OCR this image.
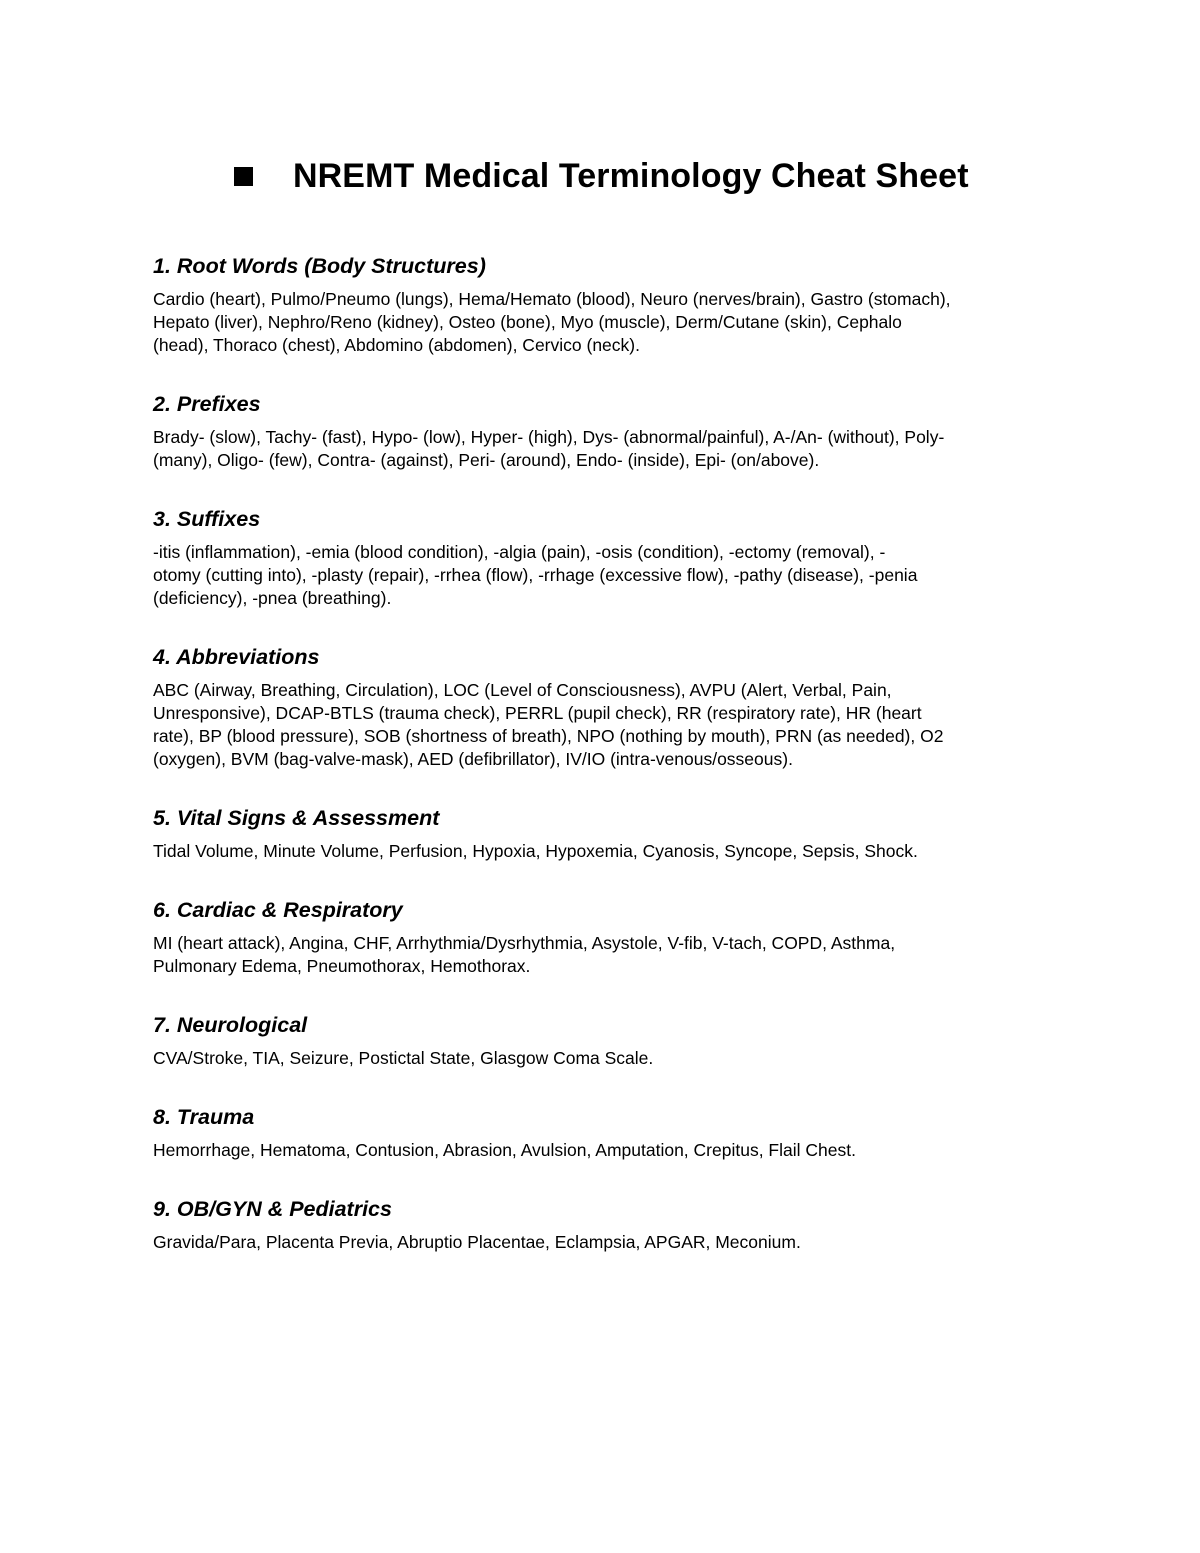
NREMT Medical Terminology Cheat Sheet
1. Root Words (Body Structures)

Cardio (heart), Pulmo/Pneumo (lungs), Hema/Hemato (blood), Neuro (nerves/brain), Gastro (stomach),
Hepato (liver), Nephro/Reno (kidney), Osteo (bone), Myo (muscle), Derm/Cutane (skin), Cephalo
(head), Thoraco (chest), Abdomino (abdomen), Cervico (neck).

2. Prefixes

Brady- (slow), Tachy- (fast), Hypo- (low), Hyper- (high), Dys- (abnormal/painful), A-/An- (without), Poly-
(many), Oligo- (few), Contra- (against), Peri- (around), Endo- (inside), Epi- (on/above).

3. Suffixes

-itis (inflammation), -emia (blood condition), -algia (pain), -osis (condition), -ectomy (removal), -
otomy (cutting into), -plasty (repair), -rrhea (flow), -rrhage (excessive flow), -pathy (disease), -penia
(deficiency), -pnea (breathing).

4. Abbreviations

ABC (Airway, Breathing, Circulation), LOC (Level of Consciousness), AVPU (Alert, Verbal, Pain,
Unresponsive), DCAP-BTLS (trauma check), PERRL (pupil check), RR (respiratory rate), HR (heart
rate), BP (blood pressure), SOB (shortness of breath), NPO (nothing by mouth), PRN (as needed), O2
(oxygen), BVM (bag-valve-mask), AED (defibrillator), IV/IO (intra-venous/osseous).

5. Vital Signs & Assessment

Tidal Volume, Minute Volume, Perfusion, Hypoxia, Hypoxemia, Cyanosis, Syncope, Sepsis, Shock.

6. Cardiac & Respiratory

MI (heart attack), Angina, CHF, Arrhythmia/Dysrhythmia, Asystole, V-fib, V-tach, COPD, Asthma,
Pulmonary Edema, Pneumothorax, Hemothorax.

7. Neurological

CVA/Stroke, TIA, Seizure, Postictal State, Glasgow Coma Scale.

8. Trauma

Hemorrhage, Hematoma, Contusion, Abrasion, Avulsion, Amputation, Crepitus, Flail Chest.

9. OB/GYN & Pediatrics

Gravida/Para, Placenta Previa, Abruptio Placentae, Eclampsia, APGAR, Meconium.
